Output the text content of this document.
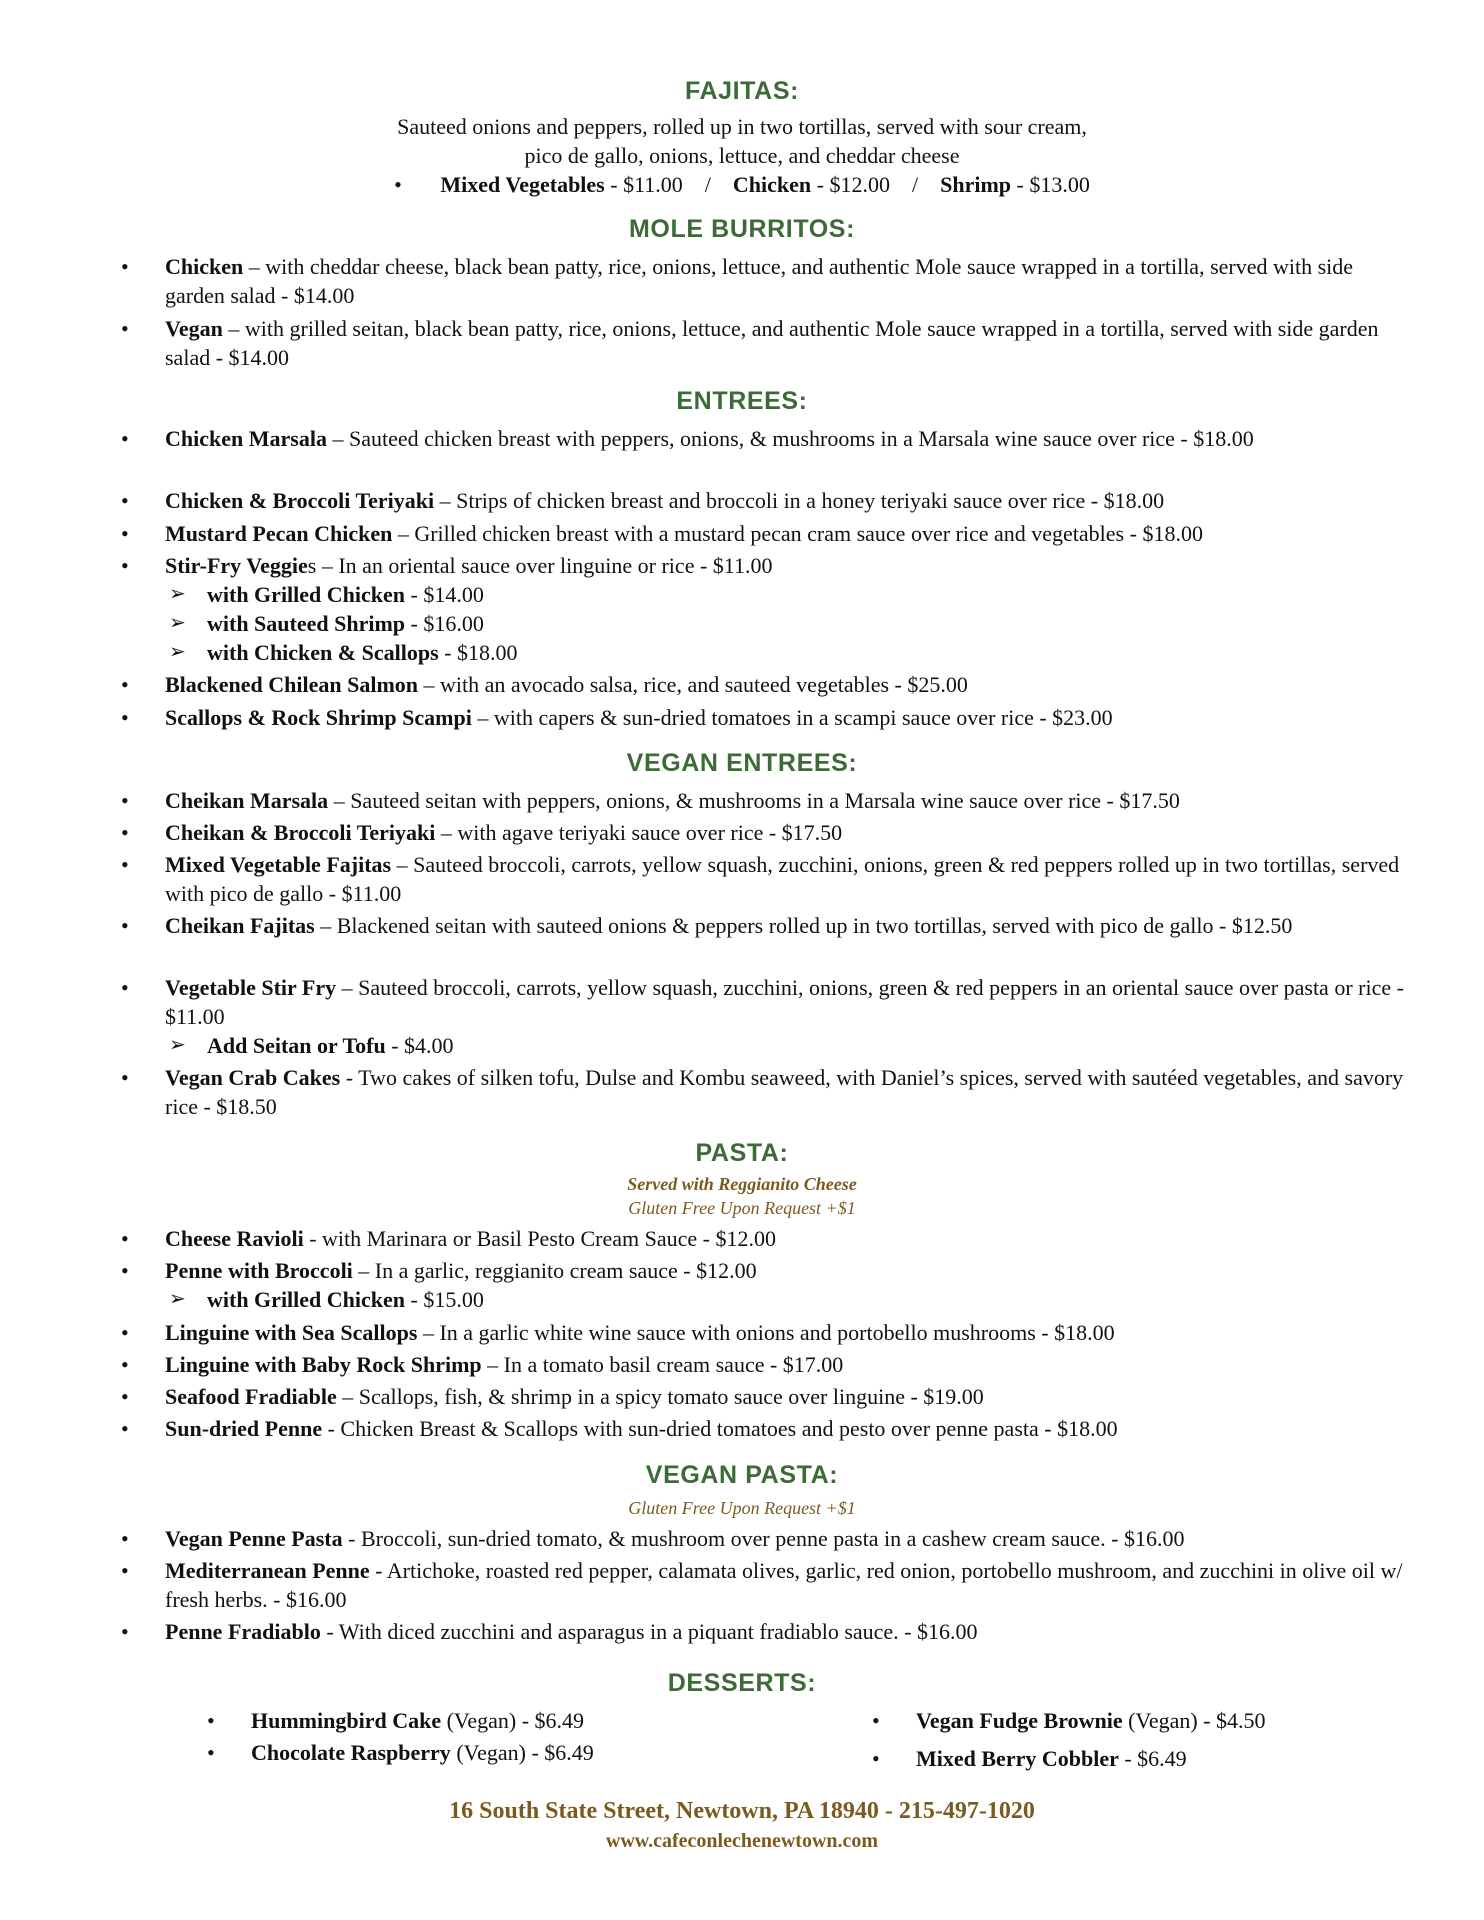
FAJITAS:
Sauteed onions and peppers, rolled up in two tortillas, served with sour cream,
pico de gallo, onions, lettuce, and cheddar cheese
• Mixed Vegetables - $11.00 / Chicken - $12.00 / Shrimp - $13.00
MOLE BURRITOS:
• Chicken – with cheddar cheese, black bean patty, rice, onions, lettuce, and authentic Mole sauce wrapped in a tortilla, served with side garden salad - $14.00
• Vegan – with grilled seitan, black bean patty, rice, onions, lettuce, and authentic Mole sauce wrapped in a tortilla, served with side garden salad - $14.00
ENTREES:
• Chicken Marsala – Sauteed chicken breast with peppers, onions, & mushrooms in a Marsala wine sauce over rice - $18.00
• Chicken & Broccoli Teriyaki – Strips of chicken breast and broccoli in a honey teriyaki sauce over rice - $18.00
• Mustard Pecan Chicken – Grilled chicken breast with a mustard pecan cram sauce over rice and vegetables - $18.00
• Stir-Fry Veggies – In an oriental sauce over linguine or rice - $11.00
➢ with Grilled Chicken - $14.00
➢ with Sauteed Shrimp - $16.00
➢ with Chicken & Scallops - $18.00
• Blackened Chilean Salmon – with an avocado salsa, rice, and sauteed vegetables - $25.00
• Scallops & Rock Shrimp Scampi – with capers & sun-dried tomatoes in a scampi sauce over rice - $23.00
VEGAN ENTREES:
• Cheikan Marsala – Sauteed seitan with peppers, onions, & mushrooms in a Marsala wine sauce over rice - $17.50
• Cheikan & Broccoli Teriyaki – with agave teriyaki sauce over rice - $17.50
• Mixed Vegetable Fajitas – Sauteed broccoli, carrots, yellow squash, zucchini, onions, green & red peppers rolled up in two tortillas, served with pico de gallo - $11.00
• Cheikan Fajitas – Blackened seitan with sauteed onions & peppers rolled up in two tortillas, served with pico de gallo - $12.50
• Vegetable Stir Fry – Sauteed broccoli, carrots, yellow squash, zucchini, onions, green & red peppers in an oriental sauce over pasta or rice - $11.00
➢ Add Seitan or Tofu - $4.00
• Vegan Crab Cakes - Two cakes of silken tofu, Dulse and Kombu seaweed, with Daniel’s spices, served with sautéed vegetables, and savory rice - $18.50
PASTA:
Served with Reggianito Cheese
Gluten Free Upon Request +$1
• Cheese Ravioli - with Marinara or Basil Pesto Cream Sauce - $12.00
• Penne with Broccoli – In a garlic, reggianito cream sauce - $12.00
➢ with Grilled Chicken - $15.00
• Linguine with Sea Scallops – In a garlic white wine sauce with onions and portobello mushrooms - $18.00
• Linguine with Baby Rock Shrimp – In a tomato basil cream sauce - $17.00
• Seafood Fradiable – Scallops, fish, & shrimp in a spicy tomato sauce over linguine - $19.00
• Sun-dried Penne - Chicken Breast & Scallops with sun-dried tomatoes and pesto over penne pasta - $18.00
VEGAN PASTA:
Gluten Free Upon Request +$1
• Vegan Penne Pasta - Broccoli, sun-dried tomato, & mushroom over penne pasta in a cashew cream sauce. - $16.00
• Mediterranean Penne - Artichoke, roasted red pepper, calamata olives, garlic, red onion, portobello mushroom, and zucchini in olive oil w/ fresh herbs. - $16.00
• Penne Fradiablo - With diced zucchini and asparagus in a piquant fradiablo sauce. - $16.00
DESSERTS:
• Hummingbird Cake (Vegan) - $6.49
• Chocolate Raspberry (Vegan) - $6.49
• Vegan Fudge Brownie (Vegan) - $4.50
• Mixed Berry Cobbler - $6.49
16 South State Street, Newtown, PA 18940 - 215-497-1020
www.cafeconlechenewtown.com
